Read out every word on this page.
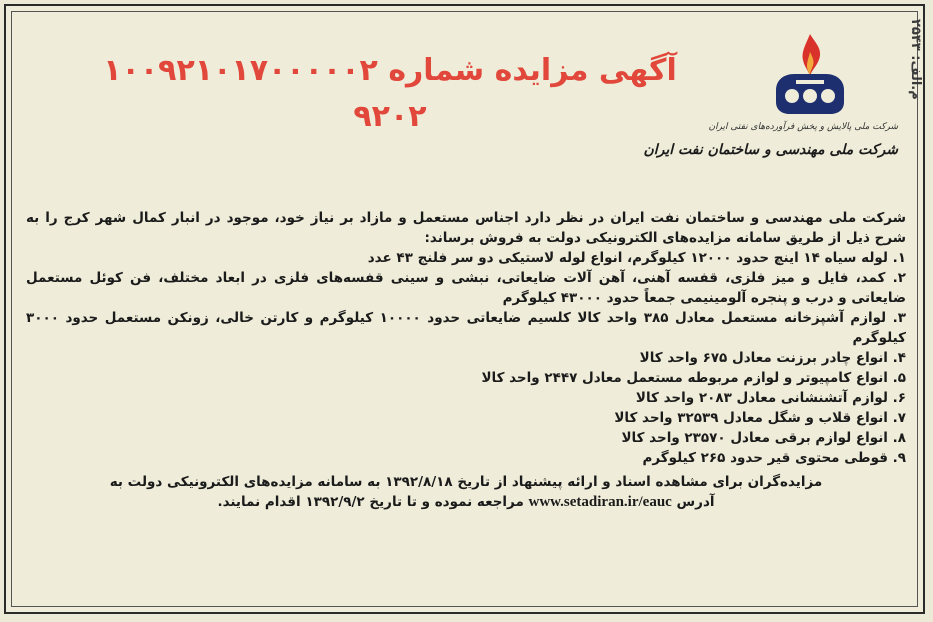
م.الف: ۲۵۴۳
آگهی مزایده شماره ۱۰۰۹۲۱۰۱۷۰۰۰۰۰۲
۹۲۰۲	شرکت ملی پالایش و پخش فرآورده‌های نفتی ایران
شرکت ملی مهندسی و ساختمان نفت ایران

شرکت ملی مهندسی و ساختمان نفت ایران در نظر دارد اجناس مستعمل و مازاد بر نیاز خود، موجود در انبار کمال شهر کرج را به شرح ذیل از طریق سامانه مزایده‌های الکترونیکی دولت به فروش برساند:

۱. لوله سیاه ۱۴ اینچ حدود ۱۲۰۰۰ کیلوگرم، انواع لوله لاستیکی دو سر فلنج ۴۳ عدد
۲. کمد، فایل و میز فلزی، قفسه آهنی، آهن آلات ضایعاتی، نبشی و سینی قفسه‌های فلزی در ابعاد مختلف، فن کوئل مستعمل ضایعاتی و درب و پنجره آلومینیمی جمعاً حدود ۴۳۰۰۰ کیلوگرم
۳. لوازم آشپزخانه مستعمل معادل ۳۸۵ واحد کالا کلسیم ضایعاتی حدود ۱۰۰۰۰ کیلوگرم و کارتن خالی، زونکن مستعمل حدود ۳۰۰۰ کیلوگرم
۴. انواع چادر برزنت معادل ۶۷۵ واحد کالا
۵. انواع کامپیوتر و لوازم مربوطه مستعمل معادل ۲۴۴۷ واحد کالا
۶. لوازم آتشنشانی معادل ۲۰۸۳ واحد کالا
۷. انواع قلاب و شگل معادل ۳۲۵۳۹ واحد کالا
۸. انواع لوازم برقی معادل ۲۳۵۷۰ واحد کالا
۹. قوطی محتوی قیر حدود ۲۶۵ کیلوگرم
مزایده‌گران برای مشاهده اسناد و ارائه پیشنهاد از تاریخ ۱۳۹۲/۸/۱۸ به سامانه مزایده‌های الکترونیکی دولت به
آدرس www.setadiran.ir/eauc مراجعه نموده و تا تاریخ ۱۳۹۲/۹/۲ اقدام نمایند.
